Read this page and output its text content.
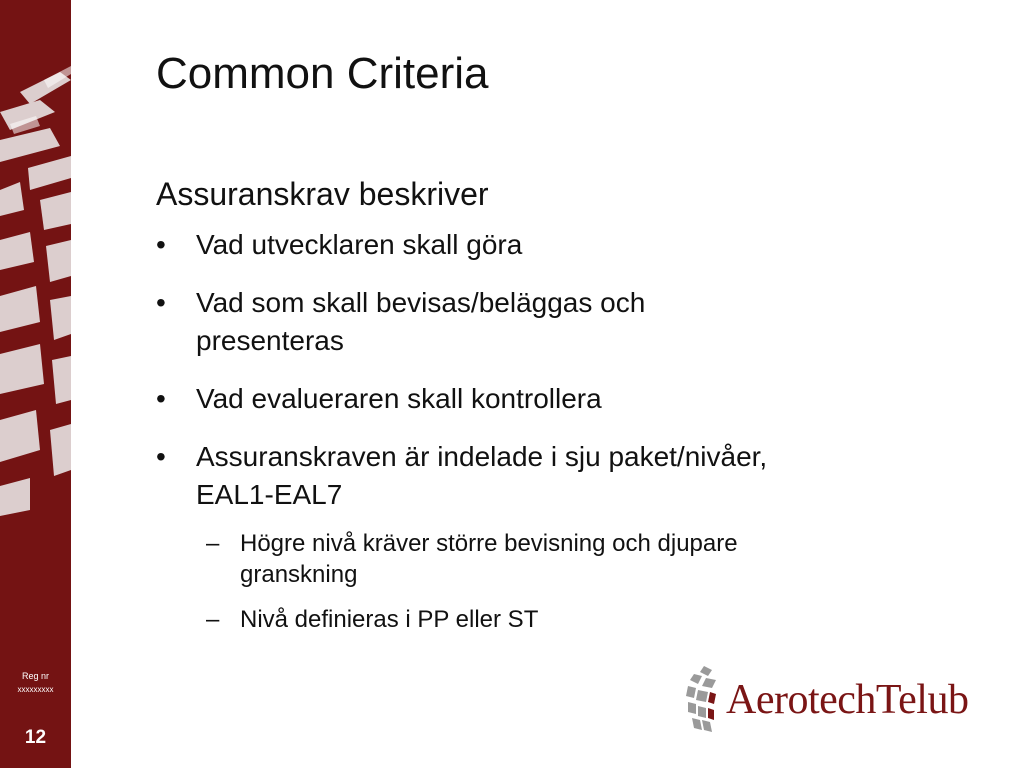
Reg nr
xxxxxxxxx
12
Common Criteria
Assuranskrav beskriver
• Vad utvecklaren skall göra
• Vad som skall bevisas/beläggas och presenteras
• Vad evalueraren skall kontrollera
• Assuranskraven är indelade i sju paket/nivåer, EAL1-EAL7
– Högre nivå kräver större bevisning och djupare granskning
– Nivå definieras i PP eller ST
AerotechTelub
